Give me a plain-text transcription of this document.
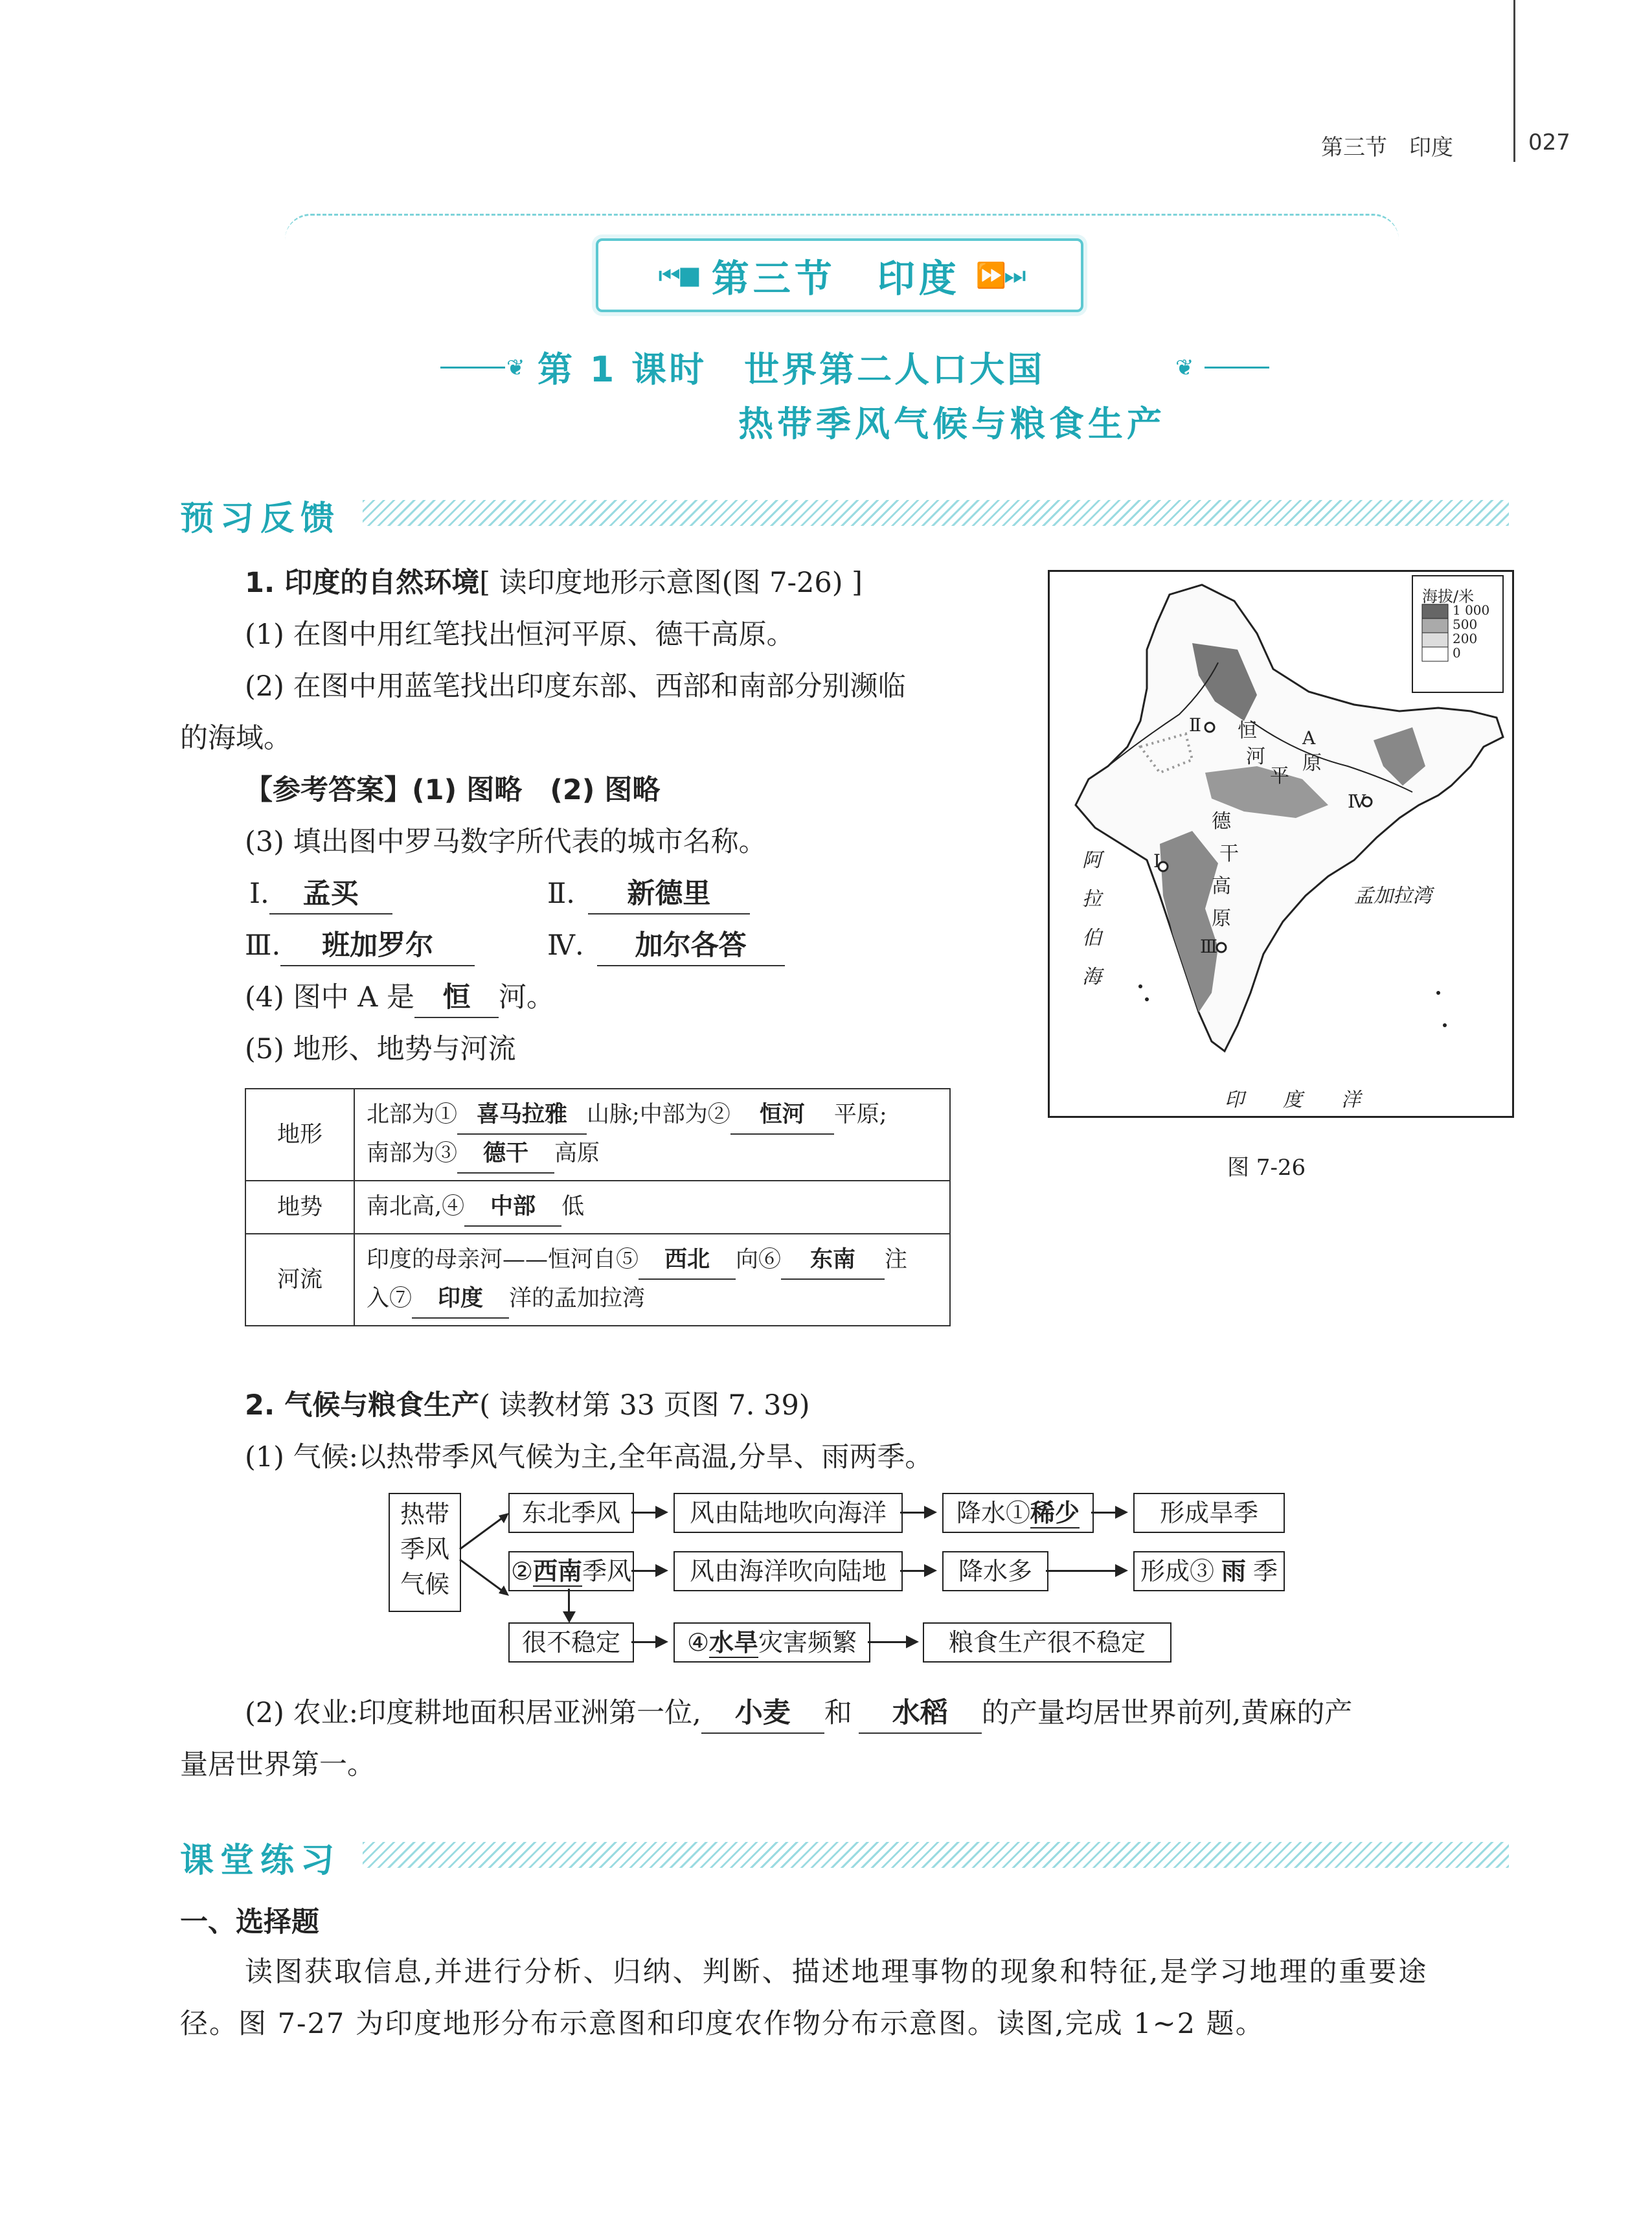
第三节　印度	027
⏮ ■ 第三节　印度 ⏩ ⏭
❦ 第 1 课时　世界第二人口大国	❦
热带季风气候与粮食生产
预习反馈
1. 印度的自然环境[ 读印度地形示意图(图 7-26) ]
(1) 在图中用红笔找出恒河平原、德干高原。
(2) 在图中用蓝笔找出印度东部、西部和南部分别濒临
的海域。
【参考答案】(1) 图略　(2) 图略
(3) 填出图中罗马数字所代表的城市名称。
Ⅰ. 孟买	Ⅱ. 新德里
Ⅲ. 班加罗尔	Ⅳ. 加尔各答
(4) 图中 A 是 恒 河。
(5) 地形、地势与河流
地形	北部为① 喜马拉雅 山脉;中部为② 恒河 平原;
南部为③ 德干 高原
地势	南北高,④ 中部 低
河流	印度的母亲河——恒河自⑤ 西北 向⑥ 东南 注
入⑦ 印度 洋的孟加拉湾
2. 气候与粮食生产( 读教材第 33 页图 7. 39)
(1) 气候:以热带季风气候为主,全年高温,分旱、雨两季。
热带
季风
气候
东北季风	风由陆地吹向海洋	降水①稀少	形成旱季
②西南季风	风由海洋吹向陆地	降水多	形成③ 雨 季
很不稳定	④水旱灾害频繁	粮食生产很不稳定
(2) 农业:印度耕地面积居亚洲第一位, 小麦 和 水稻 的产量均居世界前列,黄麻的产
量居世界第一。
课堂练习
一、选择题
读图获取信息,并进行分析、归纳、判断、描述地理事物的现象和特征,是学习地理的重要途
径。图 7-27 为印度地形分布示意图和印度农作物分布示意图。读图,完成 1~2 题。
海拔/米
1 000
500
200
0
恒
河
平
原
A
德
干
高
原
阿
拉
伯
海
孟加拉湾
印　　度　　洋
Ⅰ
Ⅱ
Ⅲ
Ⅳ
图 7-26
